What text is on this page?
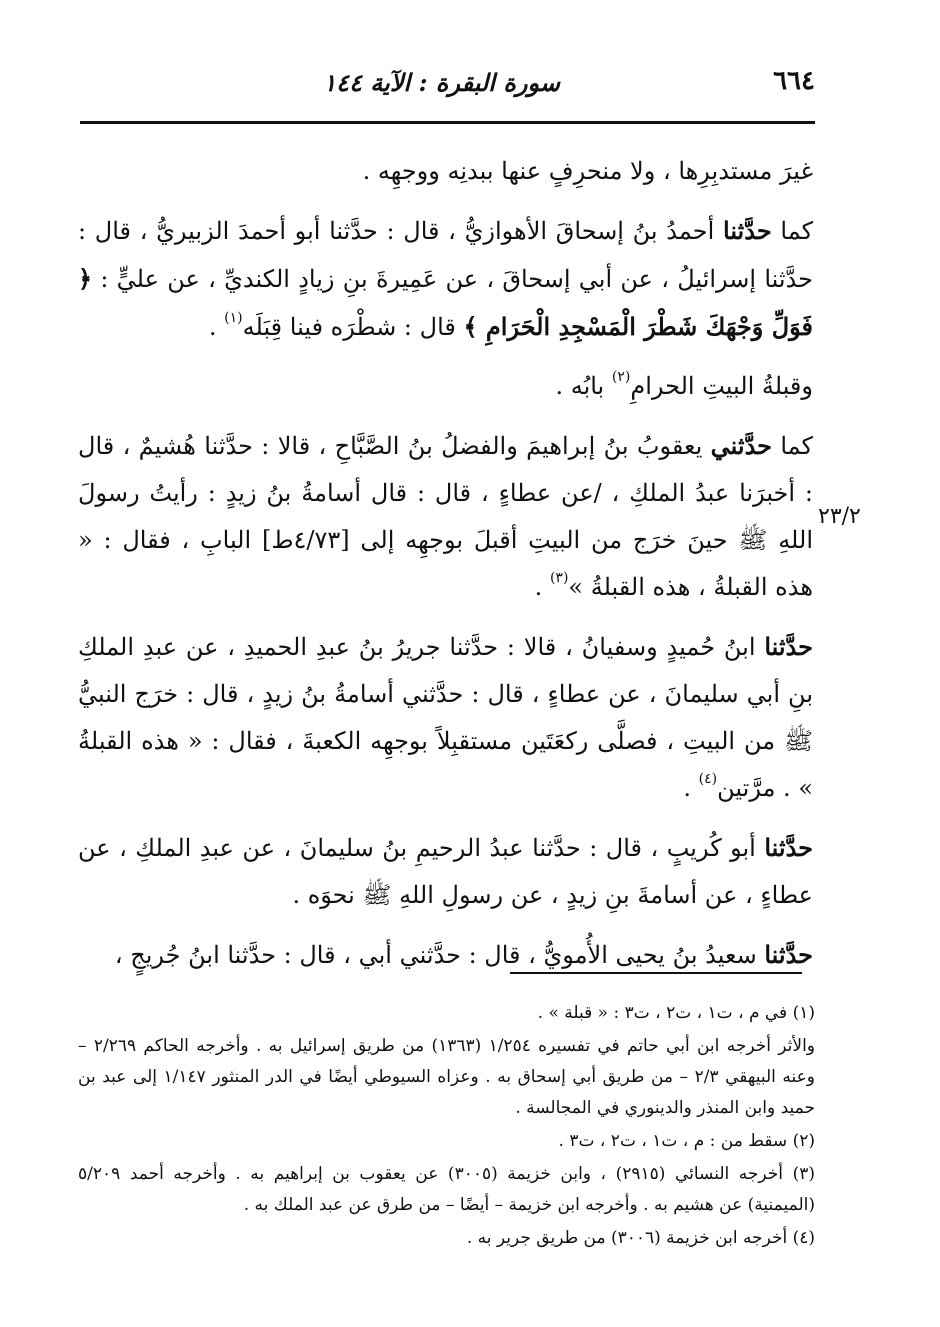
٦٦٤
سورة البقرة : الآية ١٤٤
٢٣/٢

غيرَ مستدبِرِها ، ولا منحرِفٍ عنها ببدنِه ووجهِه .

كما حدَّثنا أحمدُ بنُ إسحاقَ الأهوازيُّ ، قال : حدَّثنا أبو أحمدَ الزبيريُّ ، قال : حدَّثنا إسرائيلُ ، عن أبي إسحاقَ ، عن عَمِيرةَ بنِ زيادٍ الكنديِّ ، عن عليٍّ : ﴿ فَوَلِّ وَجْهَكَ شَطْرَ الْمَسْجِدِ الْحَرَامِ ﴾ قال : شطْرَه فينا قِبَلَه$^{(١)}$ .

وقبلةُ البيتِ الحرامِ$^{(٢)}$ بابُه .

كما حدَّثني يعقوبُ بنُ إبراهيمَ والفضلُ بنُ الصَّبَّاحِ ، قالا : حدَّثنا هُشيمٌ ، قال : أخبرَنا عبدُ الملكِ ، /عن عطاءٍ ، قال : قال أسامةُ بنُ زيدٍ : رأيتُ رسولَ اللهِ ﷺ حينَ خرَج من البيتِ أقبلَ بوجهِه إلى [٤/٧٣ط] البابِ ، فقال : « هذه القبلةُ ، هذه القبلةُ »$^{(٣)}$ .

حدَّثنا ابنُ حُميدٍ وسفيانُ ، قالا : حدَّثنا جريرُ بنُ عبدِ الحميدِ ، عن عبدِ الملكِ بنِ أبي سليمانَ ، عن عطاءٍ ، قال : حدَّثني أسامةُ بنُ زيدٍ ، قال : خرَج النبيُّ ﷺ من البيتِ ، فصلَّى ركعَتَين مستقبِلاً بوجهِه الكعبةَ ، فقال : « هذه القبلةُ » . مرَّتين$^{(٤)}$ .

حدَّثنا أبو كُريبٍ ، قال : حدَّثنا عبدُ الرحيمِ بنُ سليمانَ ، عن عبدِ الملكِ ، عن عطاءٍ ، عن أسامةَ بنِ زيدٍ ، عن رسولِ اللهِ ﷺ نحوَه .

حدَّثنا سعيدُ بنُ يحيى الأُمويُّ ، قال : حدَّثني أبي ، قال : حدَّثنا ابنُ جُريجٍ ،

(١) في م ، ت١ ، ت٢ ، ت٣ : « قبلة » .

والأثر أخرجه ابن أبي حاتم في تفسيره ١/٢٥٤ (١٣٦٣) من طريق إسرائيل به . وأخرجه الحاكم ٢/٢٦٩ – وعنه البيهقي ٢/٣ – من طريق أبي إسحاق به . وعزاه السيوطي أيضًا في الدر المنثور ١/١٤٧ إلى عبد بن حميد وابن المنذر والدينوري في المجالسة .

(٢) سقط من : م ، ت١ ، ت٢ ، ت٣ .

(٣) أخرجه النسائي (٢٩١٥) ، وابن خزيمة (٣٠٠٥) عن يعقوب بن إبراهيم به . وأخرجه أحمد ٥/٢٠٩ (الميمنية) عن هشيم به . وأخرجه ابن خزيمة – أيضًا – من طرق عن عبد الملك به .

(٤) أخرجه ابن خزيمة (٣٠٠٦) من طريق جرير به .
